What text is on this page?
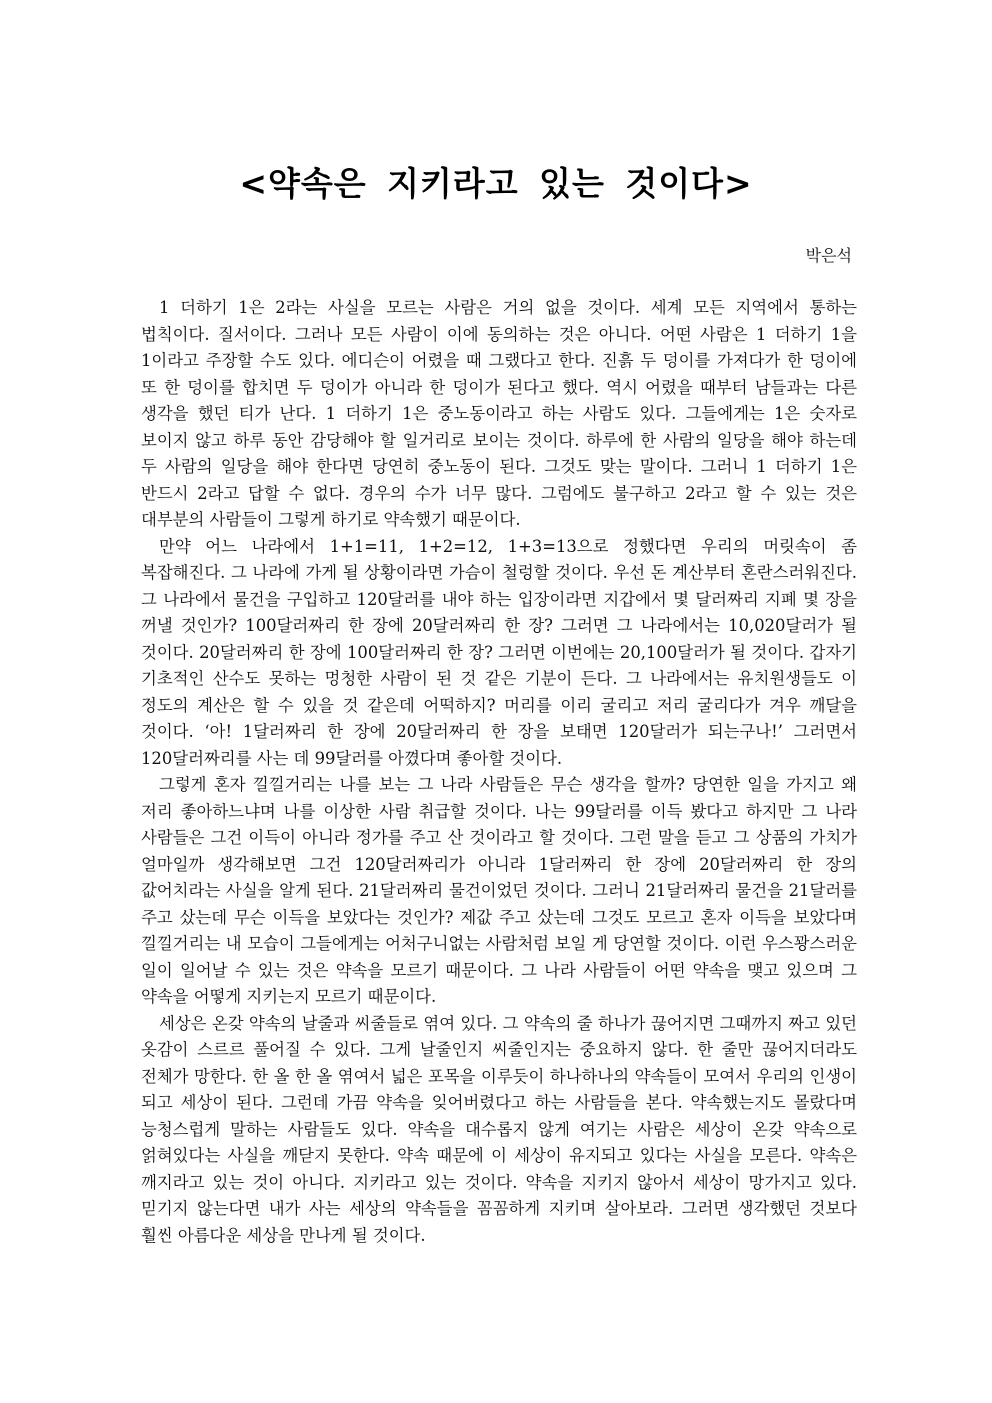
<약속은 지키라고 있는 것이다>
박은석

1 더하기 1은 2라는 사실을 모르는 사람은 거의 없을 것이다. 세계 모든 지역에서 통하는 법칙이다. 질서이다. 그러나 모든 사람이 이에 동의하는 것은 아니다. 어떤 사람은 1 더하기 1을 1이라고 주장할 수도 있다. 에디슨이 어렸을 때 그랬다고 한다. 진흙 두 덩이를 가져다가 한 덩이에 또 한 덩이를 합치면 두 덩이가 아니라 한 덩이가 된다고 했다. 역시 어렸을 때부터 남들과는 다른 생각을 했던 티가 난다. 1 더하기 1은 중노동이라고 하는 사람도 있다. 그들에게는 1은 숫자로 보이지 않고 하루 동안 감당해야 할 일거리로 보이는 것이다. 하루에 한 사람의 일당을 해야 하는데 두 사람의 일당을 해야 한다면 당연히 중노동이 된다. 그것도 맞는 말이다. 그러니 1 더하기 1은 반드시 2라고 답할 수 없다. 경우의 수가 너무 많다. 그럼에도 불구하고 2라고 할 수 있는 것은 대부분의 사람들이 그렇게 하기로 약속했기 때문이다.

만약 어느 나라에서 1+1=11, 1+2=12, 1+3=13으로 정했다면 우리의 머릿속이 좀 복잡해진다. 그 나라에 가게 될 상황이라면 가슴이 철렁할 것이다. 우선 돈 계산부터 혼란스러워진다. 그 나라에서 물건을 구입하고 120달러를 내야 하는 입장이라면 지갑에서 몇 달러짜리 지폐 몇 장을 꺼낼 것인가? 100달러짜리 한 장에 20달러짜리 한 장? 그러면 그 나라에서는 10,020달러가 될 것이다. 20달러짜리 한 장에 100달러짜리 한 장? 그러면 이번에는 20,100달러가 될 것이다. 갑자기 기초적인 산수도 못하는 멍청한 사람이 된 것 같은 기분이 든다. 그 나라에서는 유치원생들도 이 정도의 계산은 할 수 있을 것 같은데 어떡하지? 머리를 이리 굴리고 저리 굴리다가 겨우 깨달을 것이다. ‘아! 1달러짜리 한 장에 20달러짜리 한 장을 보태면 120달러가 되는구나!’ 그러면서 120달러짜리를 사는 데 99달러를 아꼈다며 좋아할 것이다.

그렇게 혼자 낄낄거리는 나를 보는 그 나라 사람들은 무슨 생각을 할까? 당연한 일을 가지고 왜 저리 좋아하느냐며 나를 이상한 사람 취급할 것이다. 나는 99달러를 이득 봤다고 하지만 그 나라 사람들은 그건 이득이 아니라 정가를 주고 산 것이라고 할 것이다. 그런 말을 듣고 그 상품의 가치가 얼마일까 생각해보면 그건 120달러짜리가 아니라 1달러짜리 한 장에 20달러짜리 한 장의 값어치라는 사실을 알게 된다. 21달러짜리 물건이었던 것이다. 그러니 21달러짜리 물건을 21달러를 주고 샀는데 무슨 이득을 보았다는 것인가? 제값 주고 샀는데 그것도 모르고 혼자 이득을 보았다며 낄낄거리는 내 모습이 그들에게는 어처구니없는 사람처럼 보일 게 당연할 것이다. 이런 우스꽝스러운 일이 일어날 수 있는 것은 약속을 모르기 때문이다. 그 나라 사람들이 어떤 약속을 맺고 있으며 그 약속을 어떻게 지키는지 모르기 때문이다.

세상은 온갖 약속의 날줄과 씨줄들로 엮여 있다. 그 약속의 줄 하나가 끊어지면 그때까지 짜고 있던 옷감이 스르르 풀어질 수 있다. 그게 날줄인지 씨줄인지는 중요하지 않다. 한 줄만 끊어지더라도 전체가 망한다. 한 올 한 올 엮여서 넓은 포목을 이루듯이 하나하나의 약속들이 모여서 우리의 인생이 되고 세상이 된다. 그런데 가끔 약속을 잊어버렸다고 하는 사람들을 본다. 약속했는지도 몰랐다며 능청스럽게 말하는 사람들도 있다. 약속을 대수롭지 않게 여기는 사람은 세상이 온갖 약속으로 얽혀있다는 사실을 깨닫지 못한다. 약속 때문에 이 세상이 유지되고 있다는 사실을 모른다. 약속은 깨지라고 있는 것이 아니다. 지키라고 있는 것이다. 약속을 지키지 않아서 세상이 망가지고 있다. 믿기지 않는다면 내가 사는 세상의 약속들을 꼼꼼하게 지키며 살아보라. 그러면 생각했던 것보다 훨씬 아름다운 세상을 만나게 될 것이다.
